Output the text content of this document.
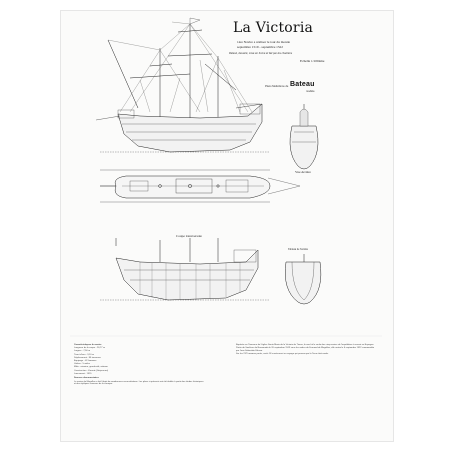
La Victoria
1ère Navire a réaliser le tour du monde
septembre 1519 - septembre 1522
Relevé, dessiné, mise en forme et fait par les chantiers
Echelle 1/100ème
Plans Modélisme de Bateau
modèle
Vue Arrière
Coupe transversale
Tableau de l'arrière

Caractéristiques du navire

Longueur de la coque : 26,77 m

Largeur : 7,50 m

Tirant d'eau : 3,10 m

Déplacement : 85 tonneaux

Equipage : 42 hommes

Voilure : 5 voiles

Mâts : misaine, grand-mât, artimon

Construction : Zarautz (Guipuzcoa)

Lancement : 1515

Sources documentaires

Le navire de Magellan a fait l'objet de nombreuses reconstitutions. Les plans ci-présents ont été établis à partir des études historiques et des répliques connues de la caraque.

Baptisée en l'honneur de l'église Santa Maria de la Victoria de Triana, la nao fut la seule des cinq navires de l'expédition à revenir en Espagne.

Partie de Sanlúcar de Barrameda le 20 septembre 1519 sous les ordres de Fernand de Magellan, elle rentra le 6 septembre 1522 commandée par Juan Sebastián Elcano.

Sur les 237 hommes partis, seuls 18 survécurent au voyage qui prouva que la Terre était ronde.
